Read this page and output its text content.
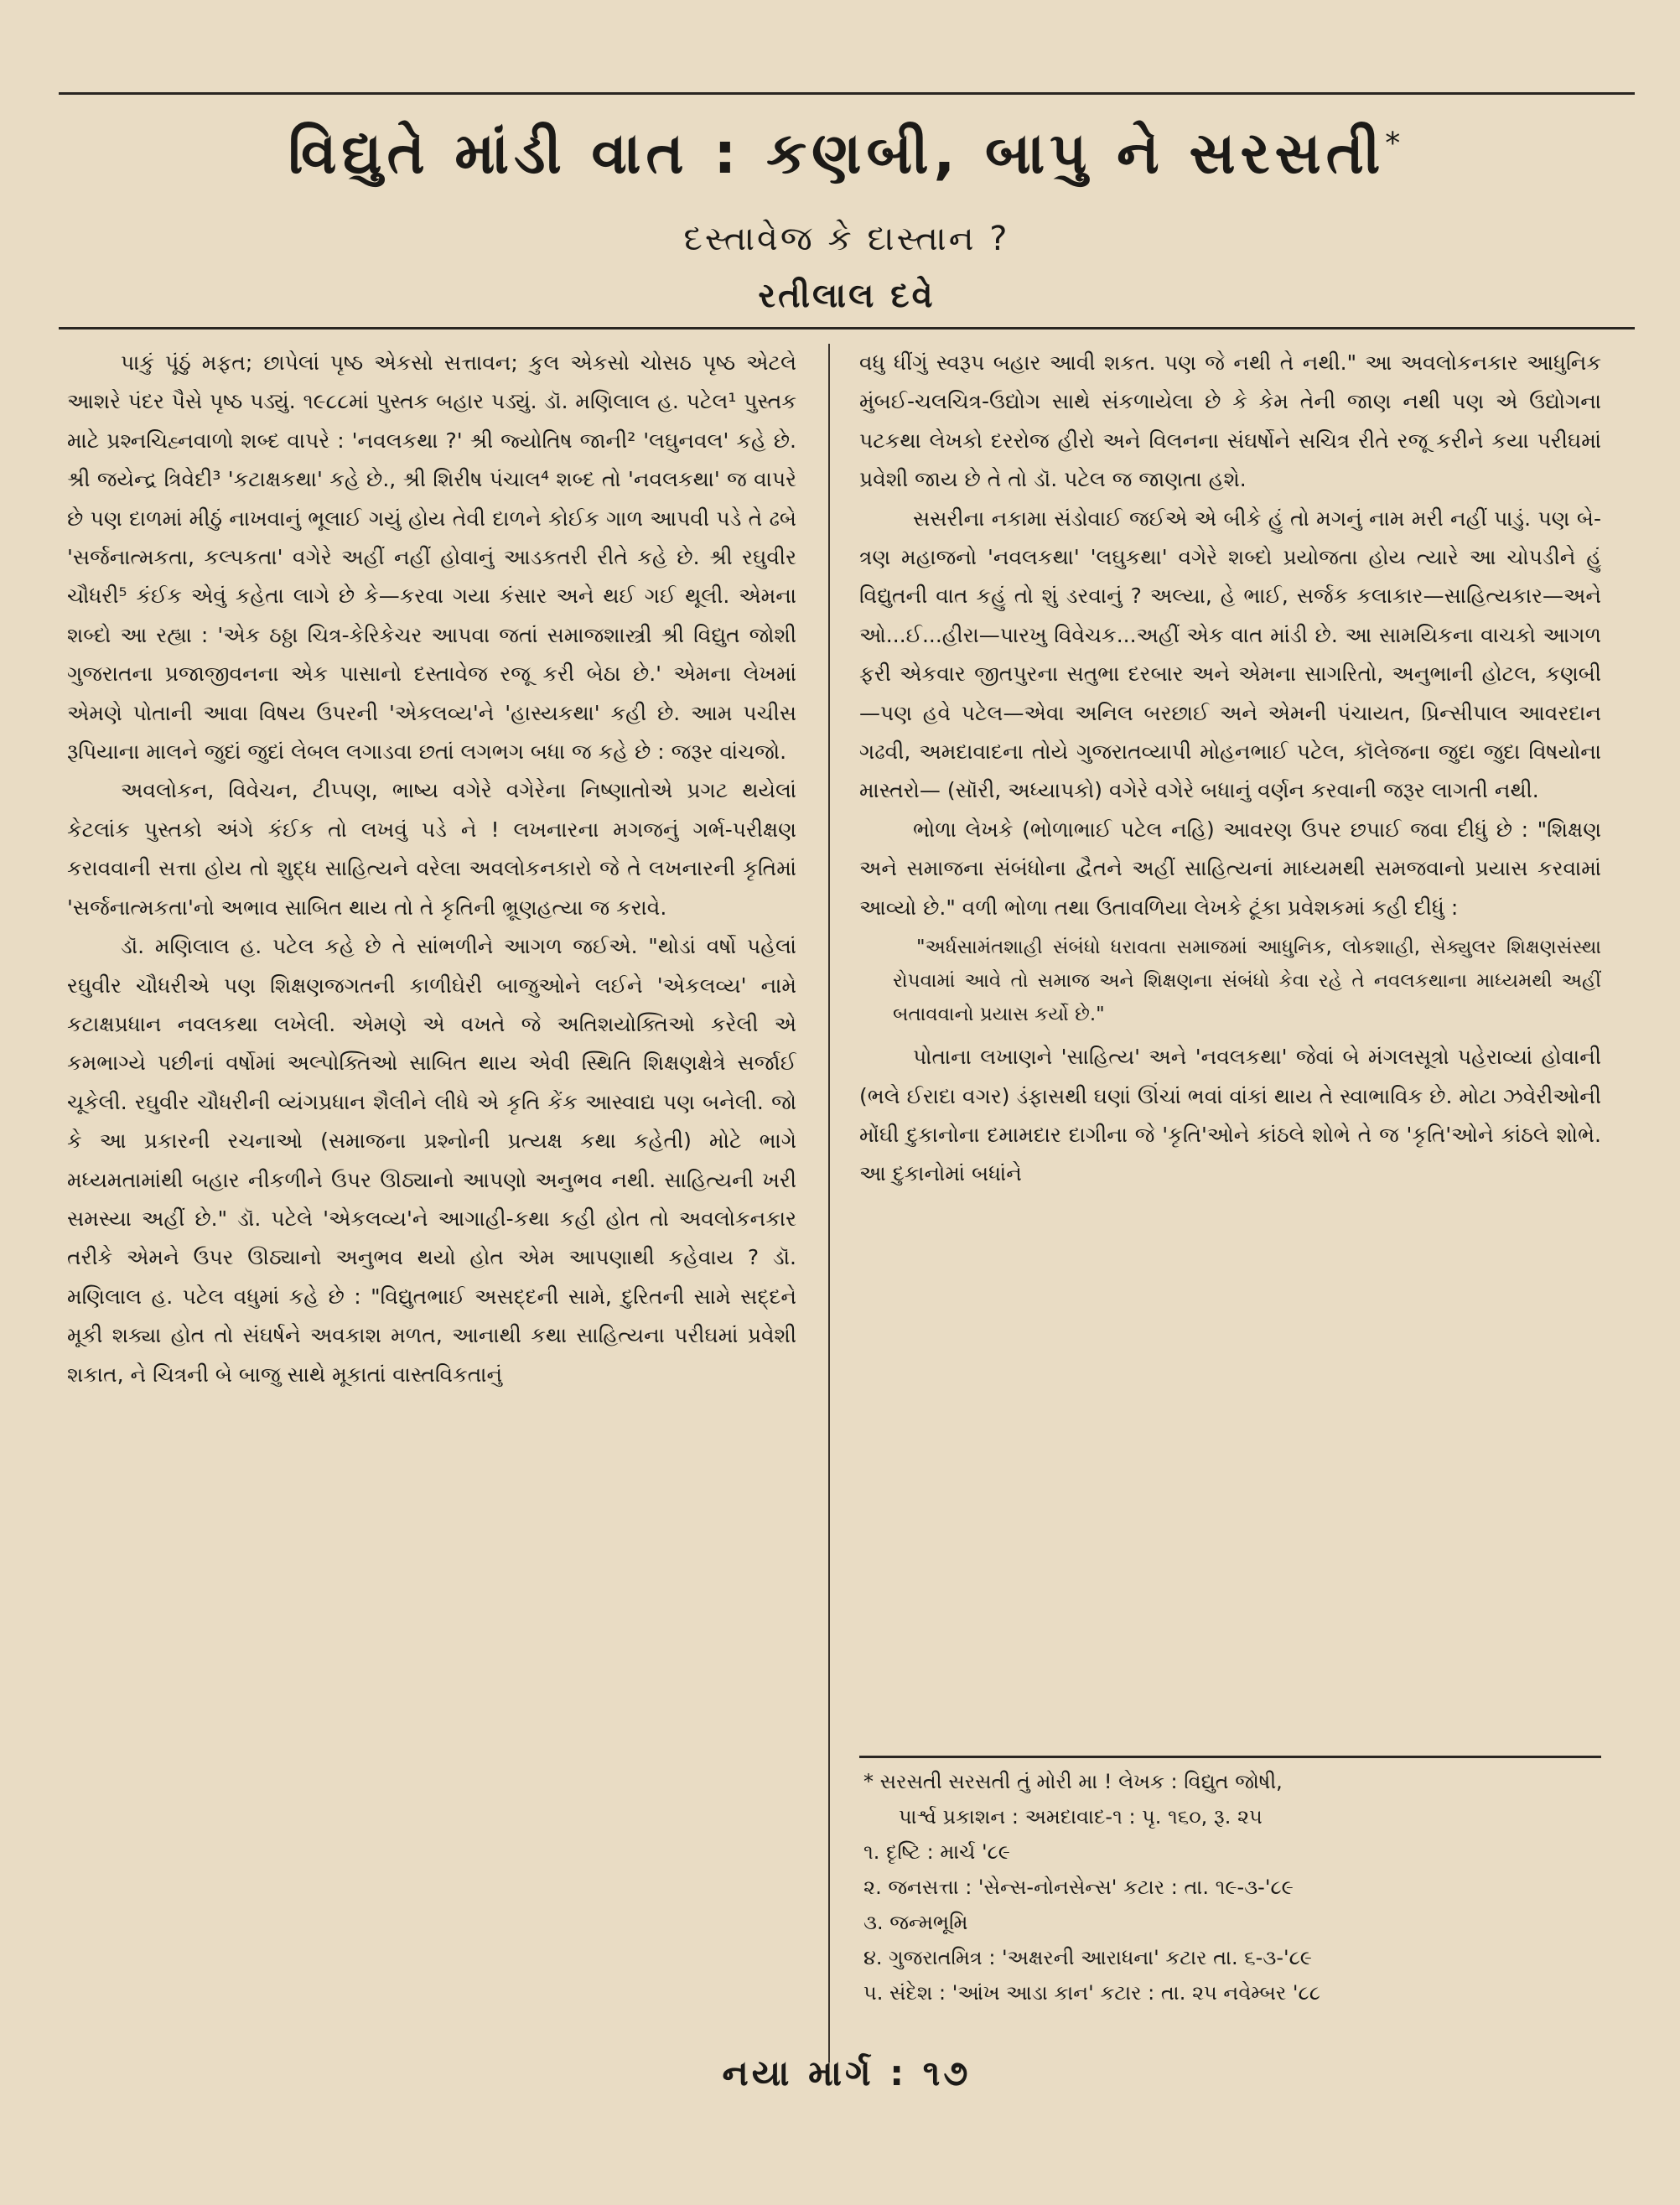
વિદ્યુતે માંડી વાત : કણબી, બાપુ ને સરસતી*
દસ્તાવેજ કે દાસ્તાન ?
રતીલાલ દવે

પાકું પૂંઠું મફત; છાપેલાં પૃષ્ઠ એકસો સત્તાવન; કુલ એકસો ચોસઠ પૃષ્ઠ એટલે આશરે પંદર પૈસે પૃષ્ઠ પડ્યું. ૧૯૮૮માં પુસ્તક બહાર પડ્યું. ડૉ. મણિલાલ હ. પટેલ¹ પુસ્તક માટે પ્રશ્નચિહ્નવાળો શબ્દ વાપરે : 'નવલકથા ?' શ્રી જ્યોતિષ જાની² 'લઘુનવલ' કહે છે. શ્રી જયેન્દ્ર ત્રિવેદી³ 'કટાક્ષકથા' કહે છે., શ્રી શિરીષ પંચાલ⁴ શબ્દ તો 'નવલકથા' જ વાપરે છે પણ દાળમાં મીઠું નાખવાનું ભૂલાઈ ગયું હોય તેવી દાળને કોઈક ગાળ આપવી પડે તે ઢબે 'સર્જનાત્મકતા, કલ્પકતા' વગેરે અહીં નહીં હોવાનું આડકતરી રીતે કહે છે. શ્રી રઘુવીર ચૌધરી⁵ કંઈક એવું કહેતા લાગે છે કે—કરવા ગયા કંસાર અને થઈ ગઈ થૂલી. એમના શબ્દો આ રહ્યા : 'એક ઠઠ્ઠા ચિત્ર-કેરિકેચર આપવા જતાં સમાજશાસ્ત્રી શ્રી વિદ્યુત જોશી ગુજરાતના પ્રજાજીવનના એક પાસાનો દસ્તાવેજ રજૂ કરી બેઠા છે.' એમના લેખમાં એમણે પોતાની આવા વિષય ઉપરની 'એકલવ્ય'ને 'હાસ્યકથા' કહી છે. આમ પચીસ રૂપિયાના માલને જુદાં જુદાં લેબલ લગાડવા છતાં લગભગ બધા જ કહે છે : જરૂર વાંચજો.

અવલોકન, વિવેચન, ટીપ્પણ, ભાષ્ય વગેરે વગેરેના નિષ્ણાતોએ પ્રગટ થયેલાં કેટલાંક પુસ્તકો અંગે કંઈક તો લખવું પડે ને ! લખનારના મગજનું ગર્ભ-પરીક્ષણ કરાવવાની સત્તા હોય તો શુદ્ધ સાહિત્યને વરેલા અવલોકનકારો જે તે લખનારની કૃતિમાં 'સર્જનાત્મકતા'નો અભાવ સાબિત થાય તો તે કૃતિની ભ્રૂણહત્યા જ કરાવે.

ડૉ. મણિલાલ હ. પટેલ કહે છે તે સાંભળીને આગળ જઈએ. "થોડાં વર્ષો પહેલાં રઘુવીર ચૌધરીએ પણ શિક્ષણજગતની કાળીઘેરી બાજુઓને લઈને 'એકલવ્ય' નામે કટાક્ષપ્રધાન નવલકથા લખેલી. એમણે એ વખતે જે અતિશયોક્તિઓ કરેલી એ કમભાગ્યે પછીનાં વર્ષોમાં અલ્પોક્તિઓ સાબિત થાય એવી સ્થિતિ શિક્ષણક્ષેત્રે સર્જાઈ ચૂકેલી. રઘુવીર ચૌધરીની વ્યંગપ્રધાન શૈલીને લીધે એ કૃતિ કેંક આસ્વાદ્ય પણ બનેલી. જો કે આ પ્રકારની રચનાઓ (સમાજના પ્રશ્નોની પ્રત્યક્ષ કથા કહેતી) મોટે ભાગે મધ્યમતામાંથી બહાર નીકળીને ઉપર ઊઠ્યાનો આપણો અનુભવ નથી. સાહિત્યની ખરી સમસ્યા અહીં છે." ડૉ. પટેલે 'એકલવ્ય'ને આગાહી-કથા કહી હોત તો અવલોકનકાર તરીકે એમને ઉપર ઊઠ્યાનો અનુભવ થયો હોત એમ આપણાથી કહેવાય ? ડૉ. મણિલાલ હ. પટેલ વધુમાં કહે છે : "વિદ્યુતભાઈ અસદ્દની સામે, દુરિતની સામે સદ્દને મૂકી શક્યા હોત તો સંઘર્ષને અવકાશ મળત, આનાથી કથા સાહિત્યના પરીઘમાં પ્રવેશી શકાત, ને ચિત્રની બે બાજુ સાથે મૂકાતાં વાસ્તવિકતાનું

વધુ ધીંગું સ્વરૂપ બહાર આવી શકત. પણ જે નથી તે નથી." આ અવલોકનકાર આધુનિક મુંબઈ-ચલચિત્ર-ઉદ્યોગ સાથે સંકળાયેલા છે કે કેમ તેની જાણ નથી પણ એ ઉદ્યોગના પટકથા લેખકો દરરોજ હીરો અને વિલનના સંઘર્ષોને સચિત્ર રીતે રજૂ કરીને કયા પરીઘમાં પ્રવેશી જાય છે તે તો ડૉ. પટેલ જ જાણતા હશે.

સસરીના નકામા સંડોવાઈ જઈએ એ બીકે હું તો મગનું નામ મરી નહીં પાડું. પણ બે-ત્રણ મહાજનો 'નવલકથા' 'લઘુકથા' વગેરે શબ્દો પ્રયોજતા હોય ત્યારે આ ચોપડીને હું વિદ્યુતની વાત કહું તો શું ડરવાનું ? અલ્યા, હે ભાઈ, સર્જક કલાકાર—સાહિત્યકાર—અને ઓ...ઈ...હીરા—પારખુ વિવેચક...અહીં એક વાત માંડી છે. આ સામયિકના વાચકો આગળ ફરી એકવાર જીતપુરના સતુભા દરબાર અને એમના સાગરિતો, અનુભાની હોટલ, કણબી—પણ હવે પટેલ—એવા અનિલ બરછાઈ અને એમની પંચાયત, પ્રિન્સીપાલ આવરદાન ગઢવી, અમદાવાદના તોયે ગુજરાતવ્યાપી મોહનભાઈ પટેલ, કૉલેજના જુદા જુદા વિષયોના માસ્તરો— (સૉરી, અધ્યાપકો) વગેરે વગેરે બધાનું વર્ણન કરવાની જરૂર લાગતી નથી.

ભોળા લેખકે (ભોળાભાઈ પટેલ નહિ) આવરણ ઉપર છપાઈ જવા દીધું છે : "શિક્ષણ અને સમાજના સંબંધોના દ્વૈતને અહીં સાહિત્યનાં માધ્યમથી સમજવાનો પ્રયાસ કરવામાં આવ્યો છે." વળી ભોળા તથા ઉતાવળિયા લેખકે ટૂંકા પ્રવેશકમાં કહી દીધું :

"અર્ધસામંતશાહી સંબંધો ધરાવતા સમાજમાં આધુનિક, લોકશાહી, સેક્યુલર શિક્ષણસંસ્થા રોપવામાં આવે તો સમાજ અને શિક્ષણના સંબંધો કેવા રહે તે નવલકથાના માધ્યમથી અહીં બતાવવાનો પ્રયાસ કર્યો છે."

પોતાના લખાણને 'સાહિત્ય' અને 'નવલકથા' જેવાં બે મંગલસૂત્રો પહેરાવ્યાં હોવાની (ભલે ઈરાદા વગર) ડંફાસથી ઘણાં ઊંચાં ભવાં વાંકાં થાય તે સ્વાભાવિક છે. મોટા ઝવેરીઓની મોંઘી દુકાનોના દમામદાર દાગીના જે 'કૃતિ'ઓને કાંઠલે શોભે તે જ 'કૃતિ'ઓને કાંઠલે શોભે. આ દુકાનોમાં બધાંને

* સરસતી સરસતી તું મોરી મા ! લેખક : વિદ્યુત જોષી,
પાર્શ્વ પ્રકાશન : અમદાવાદ-૧ : પૃ. ૧૬૦, રૂ. ૨૫
૧. દૃષ્ટિ : માર્ચ '૮૯
૨. જનસત્તા : 'સેન્સ-નોનસેન્સ' કટાર : તા. ૧૯-૩-'૮૯
૩. જન્મભૂમિ
૪. ગુજરાતમિત્ર : 'અક્ષરની આરાધના' કટાર તા. ૬-૩-'૮૯
૫. સંદેશ : 'આંખ આડા કાન' કટાર : તા. ૨૫ નવેમ્બર '૮૮
નયા માર્ગ : ૧૭
